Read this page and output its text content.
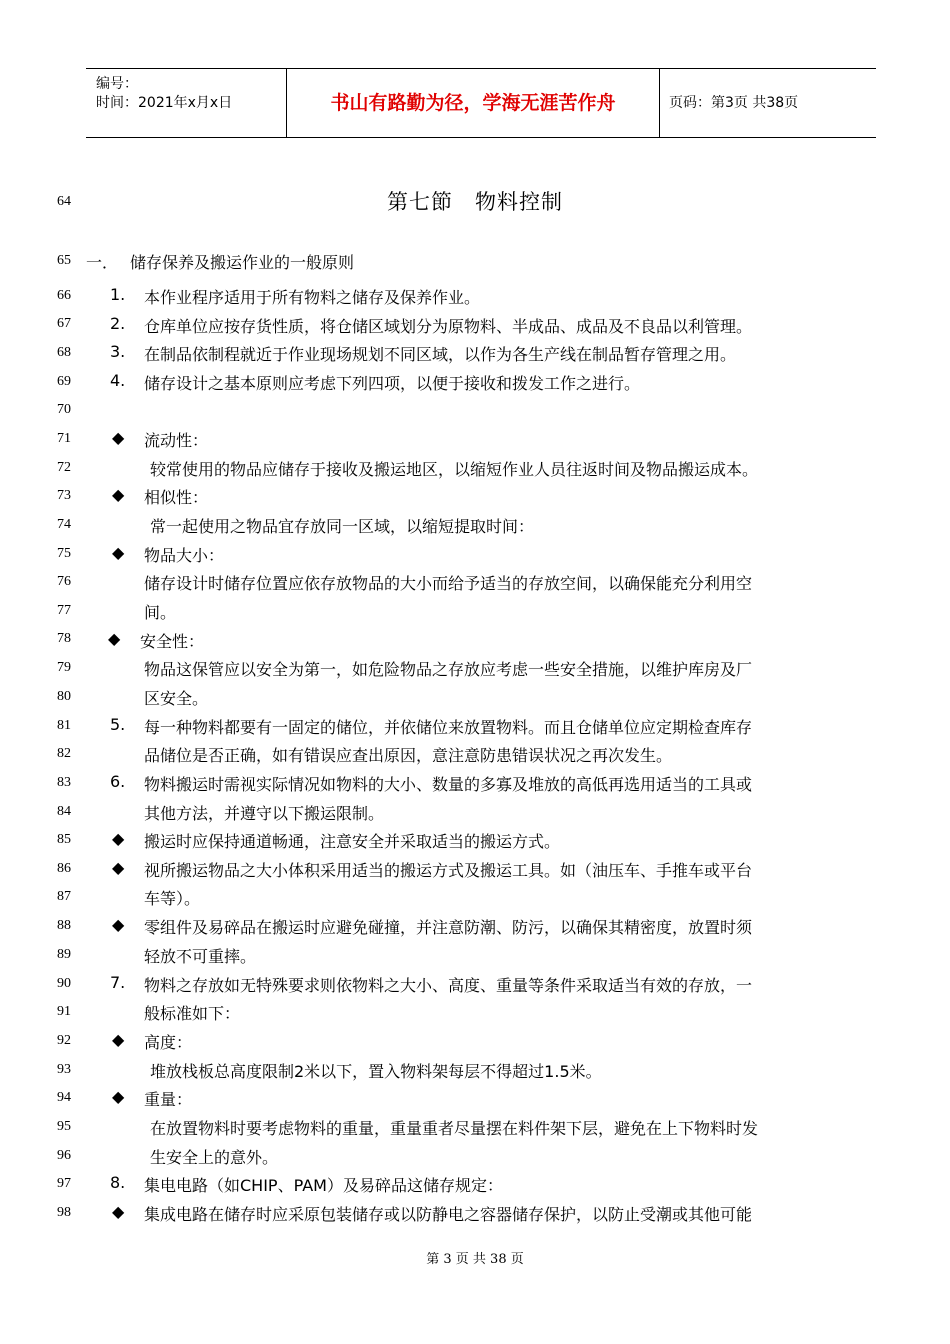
编号：
时间：2021年x月x日	书山有路勤为径，学海无涯苦作舟	页码：第3页 共38页
第七節　物料控制
64
65
66
67
68
69
70
71
72
73
74
75
76
77
78
79
80
81
82
83
84
85
86
87
88
89
90
91
92
93
94
95
96
97
98
一． 储存保养及搬运作业的一般原则
1. 本作业程序适用于所有物料之储存及保养作业。
2. 仓库单位应按存货性质，将仓储区域划分为原物料、半成品、成品及不良品以利管理。
3. 在制品依制程就近于作业现场规划不同区域，以作为各生产线在制品暂存管理之用。
4. 储存设计之基本原则应考虑下列四项，以便于接收和拨发工作之进行。
◆ 流动性：
较常使用的物品应储存于接收及搬运地区，以缩短作业人员往返时间及物品搬运成本。
◆ 相似性：
常一起使用之物品宜存放同一区域，以缩短提取时间：
◆ 物品大小：
储存设计时储存位置应依存放物品的大小而给予适当的存放空间，以确保能充分利用空
间。
◆ 安全性：
物品这保管应以安全为第一，如危险物品之存放应考虑一些安全措施，以维护库房及厂
区安全。
5. 每一种物料都要有一固定的储位，并依储位来放置物料。而且仓储单位应定期检查库存
品储位是否正确，如有错误应查出原因，意注意防患错误状况之再次发生。
6. 物料搬运时需视实际情况如物料的大小、数量的多寡及堆放的高低再选用适当的工具或
其他方法，并遵守以下搬运限制。
◆ 搬运时应保持通道畅通，注意安全并采取适当的搬运方式。
◆ 视所搬运物品之大小体积采用适当的搬运方式及搬运工具。如（油压车、手推车或平台
车等）。
◆ 零组件及易碎品在搬运时应避免碰撞，并注意防潮、防污，以确保其精密度，放置时须
轻放不可重摔。
7. 物料之存放如无特殊要求则依物料之大小、高度、重量等条件采取适当有效的存放，一
般标准如下：
◆ 高度：
堆放栈板总高度限制2米以下，置入物料架每层不得超过1.5米。
◆ 重量：
在放置物料时要考虑物料的重量，重量重者尽量摆在料件架下层，避免在上下物料时发
生安全上的意外。
8. 集电电路（如CHIP、PAM）及易碎品这储存规定：
◆ 集成电路在储存时应采原包装储存或以防静电之容器储存保护，以防止受潮或其他可能
第 3 页 共 38 页
